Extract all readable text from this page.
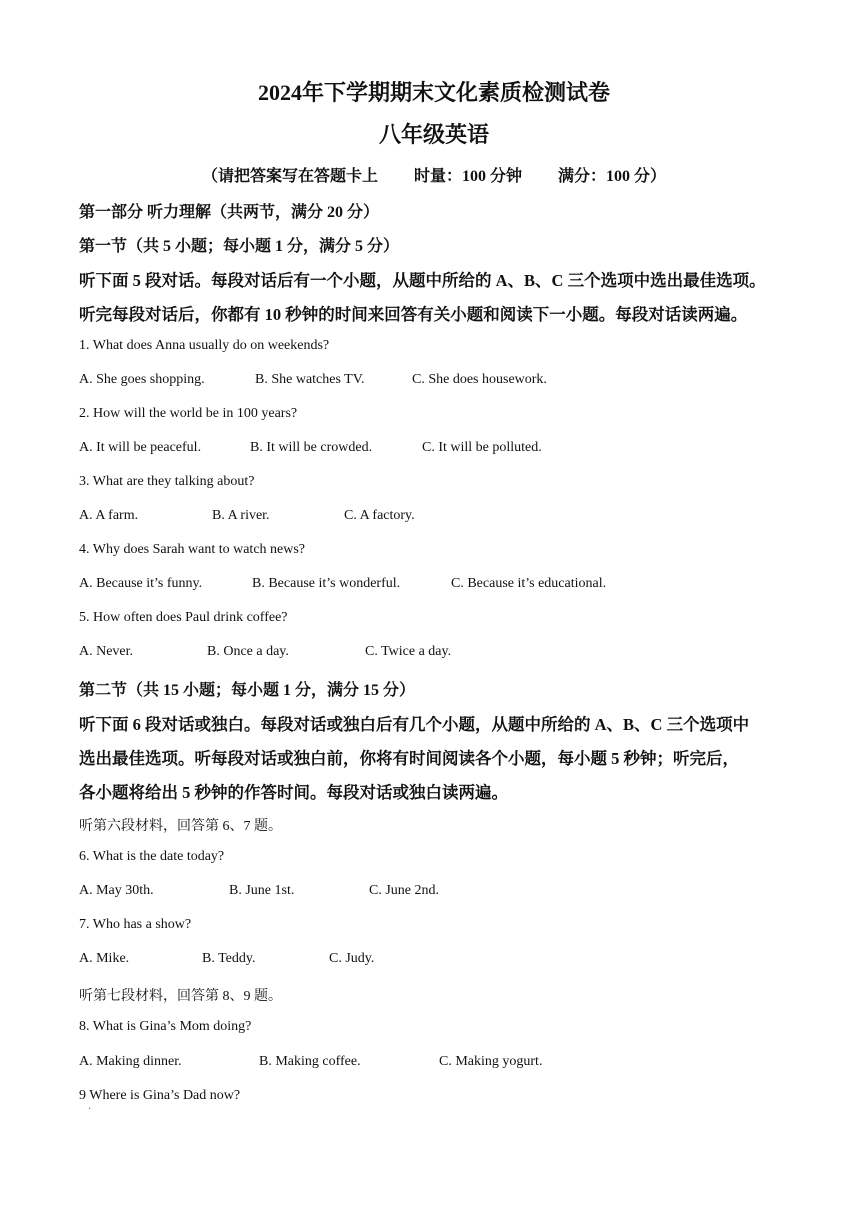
2024年下学期期末文化素质检测试卷
八年级英语
（请把答案写在答题卡上 时量：100 分钟 满分：100 分）
第一部分 听力理解（共两节，满分 20 分）
第一节（共 5 小题；每小题 1 分，满分 5 分）
听下面 5 段对话。每段对话后有一个小题，从题中所给的 A、B、C 三个选项中选出最佳选项。
听完每段对话后，你都有 10 秒钟的时间来回答有关小题和阅读下一小题。每段对话读两遍。
1. What does Anna usually do on weekends?
A. She goes shopping.	B. She watches TV.	C. She does housework.
2. How will the world be in 100 years?
A. It will be peaceful.	B. It will be crowded.	C. It will be polluted.
3. What are they talking about?
A. A farm.	B. A river.	C. A factory.
4. Why does Sarah want to watch news?
A. Because it’s funny.	B. Because it’s wonderful.	C. Because it’s educational.
5. How often does Paul drink coffee?
A. Never.	B. Once a day.	C. Twice a day.
第二节（共 15 小题；每小题 1 分，满分 15 分）
听下面 6 段对话或独白。每段对话或独白后有几个小题，从题中所给的 A、B、C 三个选项中
选出最佳选项。听每段对话或独白前，你将有时间阅读各个小题，每小题 5 秒钟；听完后，
各小题将给出 5 秒钟的作答时间。每段对话或独白读两遍。
听第六段材料，回答第 6、7 题。
6. What is the date today?
A. May 30th.	B. June 1st.	C. June 2nd.
7. Who has a show?
A. Mike.	B. Teddy.	C. Judy.
听第七段材料，回答第 8、9 题。
8. What is Gina’s Mom doing?
A. Making dinner.	B. Making coffee.	C. Making yogurt.
9 Where is Gina’s Dad now?
·
